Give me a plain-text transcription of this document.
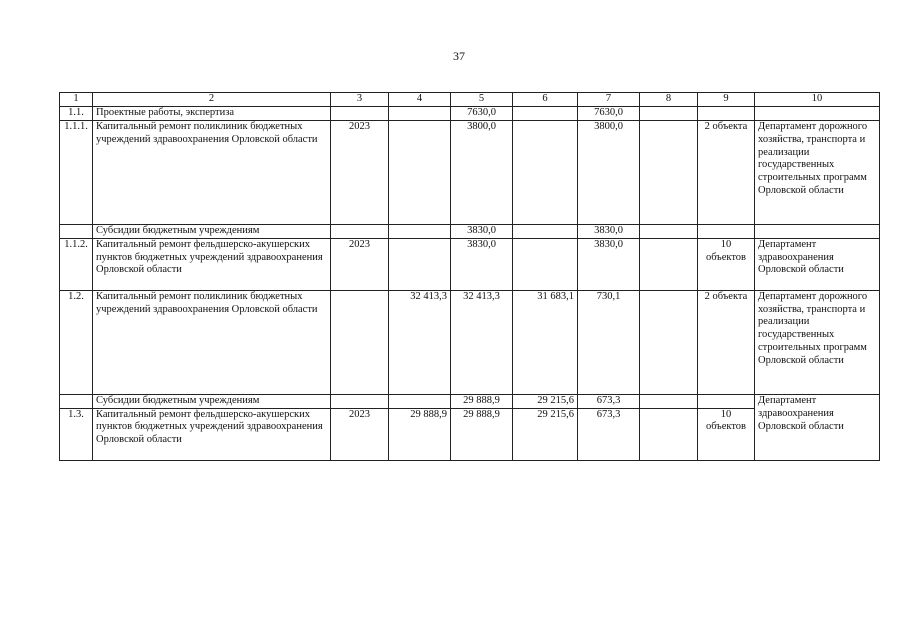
37
1	2	3	4	5	6	7	8	9	10
1.1.	Проектные работы, экспертиза			7630,0		7630,0			
1.1.1.	Капитальный ремонт поликлиник бюджетных учреждений здравоохранения Орловской области	2023		3800,0		3800,0		2 объекта	Департамент дорожного хозяйства, транспорта и реализации государственных строительных программ Орловской области
	Субсидии бюджетным учреждениям			3830,0		3830,0			
1.1.2.	Капитальный ремонт фельдшерско-акушерских пунктов бюджетных учреждений здравоохранения Орловской области	2023		3830,0		3830,0		10 объектов	Департамент здравоохранения Орловской области
1.2.	Капитальный ремонт поликлиник бюджетных учреждений здравоохранения Орловской области		32 413,3	32 413,3	31 683,1	730,1		2 объекта	Департамент дорожного хозяйства, транспорта и реализации государственных строительных программ Орловской области
	Субсидии бюджетным учреждениям			29 888,9	29 215,6	673,3			Департамент
1.3.	Капитальный ремонт фельдшерско-акушерских пунктов бюджетных учреждений здравоохранения Орловской области	2023	29 888,9	29 888,9	29 215,6	673,3		10 объектов	здравоохранения Орловской области
